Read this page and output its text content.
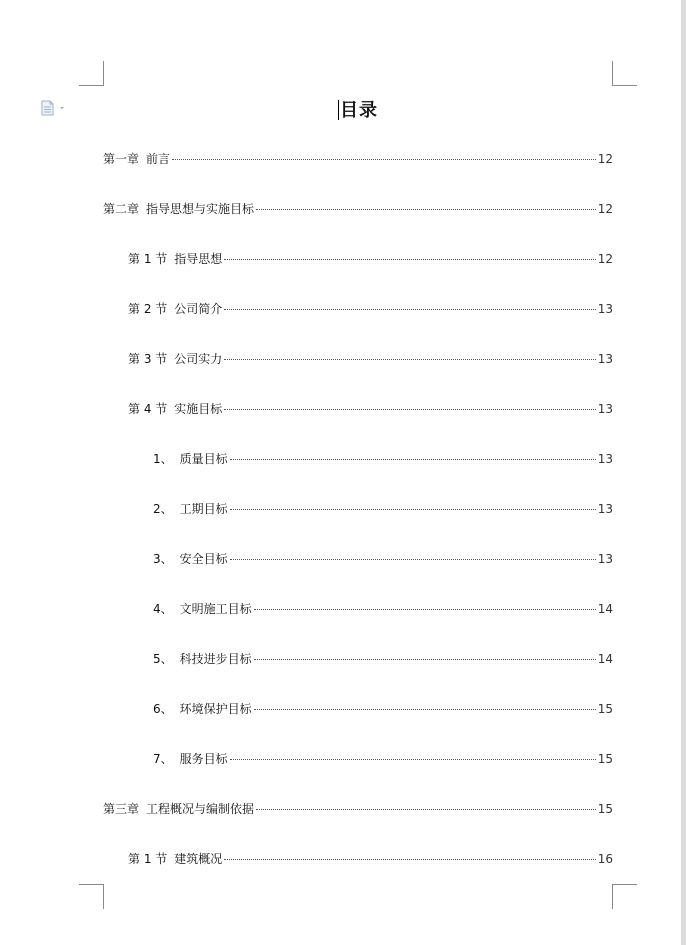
目录
第一章 前言	12
第二章 指导思想与实施目标	12
第 1 节 指导思想	12
第 2 节 公司简介	13
第 3 节 公司实力	13
第 4 节 实施目标	13
1、 质量目标	13
2、 工期目标	13
3、 安全目标	13
4、 文明施工目标	14
5、 科技进步目标	14
6、 环境保护目标	15
7、 服务目标	15
第三章 工程概况与编制依据	15
第 1 节 建筑概况	16
